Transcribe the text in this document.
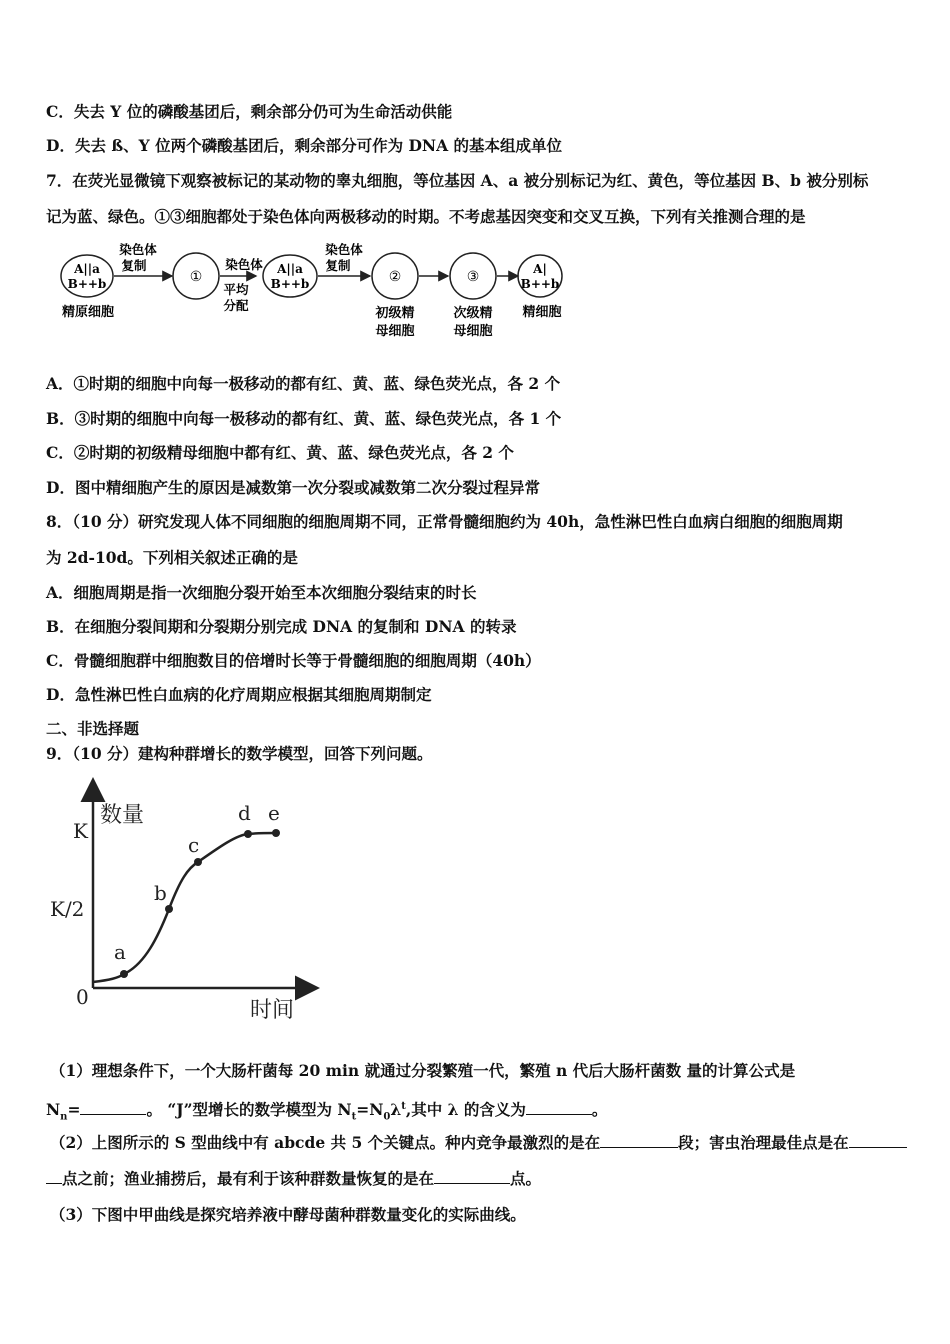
C．失去 Y 位的磷酸基团后，剩余部分仍可为生命活动供能
D．失去 ß、Y 位两个磷酸基团后，剩余部分可作为 DNA 的基本组成单位
7．在荧光显微镜下观察被标记的某动物的睾丸细胞，等位基因 A、a 被分别标记为红、黄色，等位基因 B、b 被分别标
记为蓝、绿色。①③细胞都处于染色体向两极移动的时期。不考虑基因突变和交叉互换，下列有关推测合理的是
A||a
B++b
精原细胞
染色体
复制
①
染色体
平均
分配
A||a
B++b
染色体
复制
②
初级精
母细胞
③
次级精
母细胞
A|
B++b
精细胞
A．①时期的细胞中向每一极移动的都有红、黄、蓝、绿色荧光点，各 2 个
B．③时期的细胞中向每一极移动的都有红、黄、蓝、绿色荧光点，各 1 个
C．②时期的初级精母细胞中都有红、黄、蓝、绿色荧光点，各 2 个
D．图中精细胞产生的原因是减数第一次分裂或减数第二次分裂过程异常
8．（10 分）研究发现人体不同细胞的细胞周期不同，正常骨髓细胞约为 40h，急性淋巴性白血病白细胞的细胞周期
为 2d-10d。下列相关叙述正确的是
A．细胞周期是指一次细胞分裂开始至本次细胞分裂结束的时长
B．在细胞分裂间期和分裂期分别完成 DNA 的复制和 DNA 的转录
C．骨髓细胞群中细胞数目的倍增时长等于骨髓细胞的细胞周期（40h）
D．急性淋巴性白血病的化疗周期应根据其细胞周期制定
二、非选择题
9．（10 分）建构种群增长的数学模型，回答下列问题。
数量
时间
K
K/2
0
a
b
c
d e
（1）理想条件下，一个大肠杆菌每 20 min 就通过分裂繁殖一代，繁殖 n 代后大肠杆菌数 量的计算公式是
$N_n=$	。 “J”型增长的数学模型为 $N_t=N_0\lambda^t$,其中 λ 的含义为	。
（2）上图所示的 S 型曲线中有 abcde 共 5 个关键点。种内竞争最激烈的是在	段；害虫治理最佳点是在
点之前；渔业捕捞后，最有利于该种群数量恢复的是在	点。
（3）下图中甲曲线是探究培养液中酵母菌种群数量变化的实际曲线。
